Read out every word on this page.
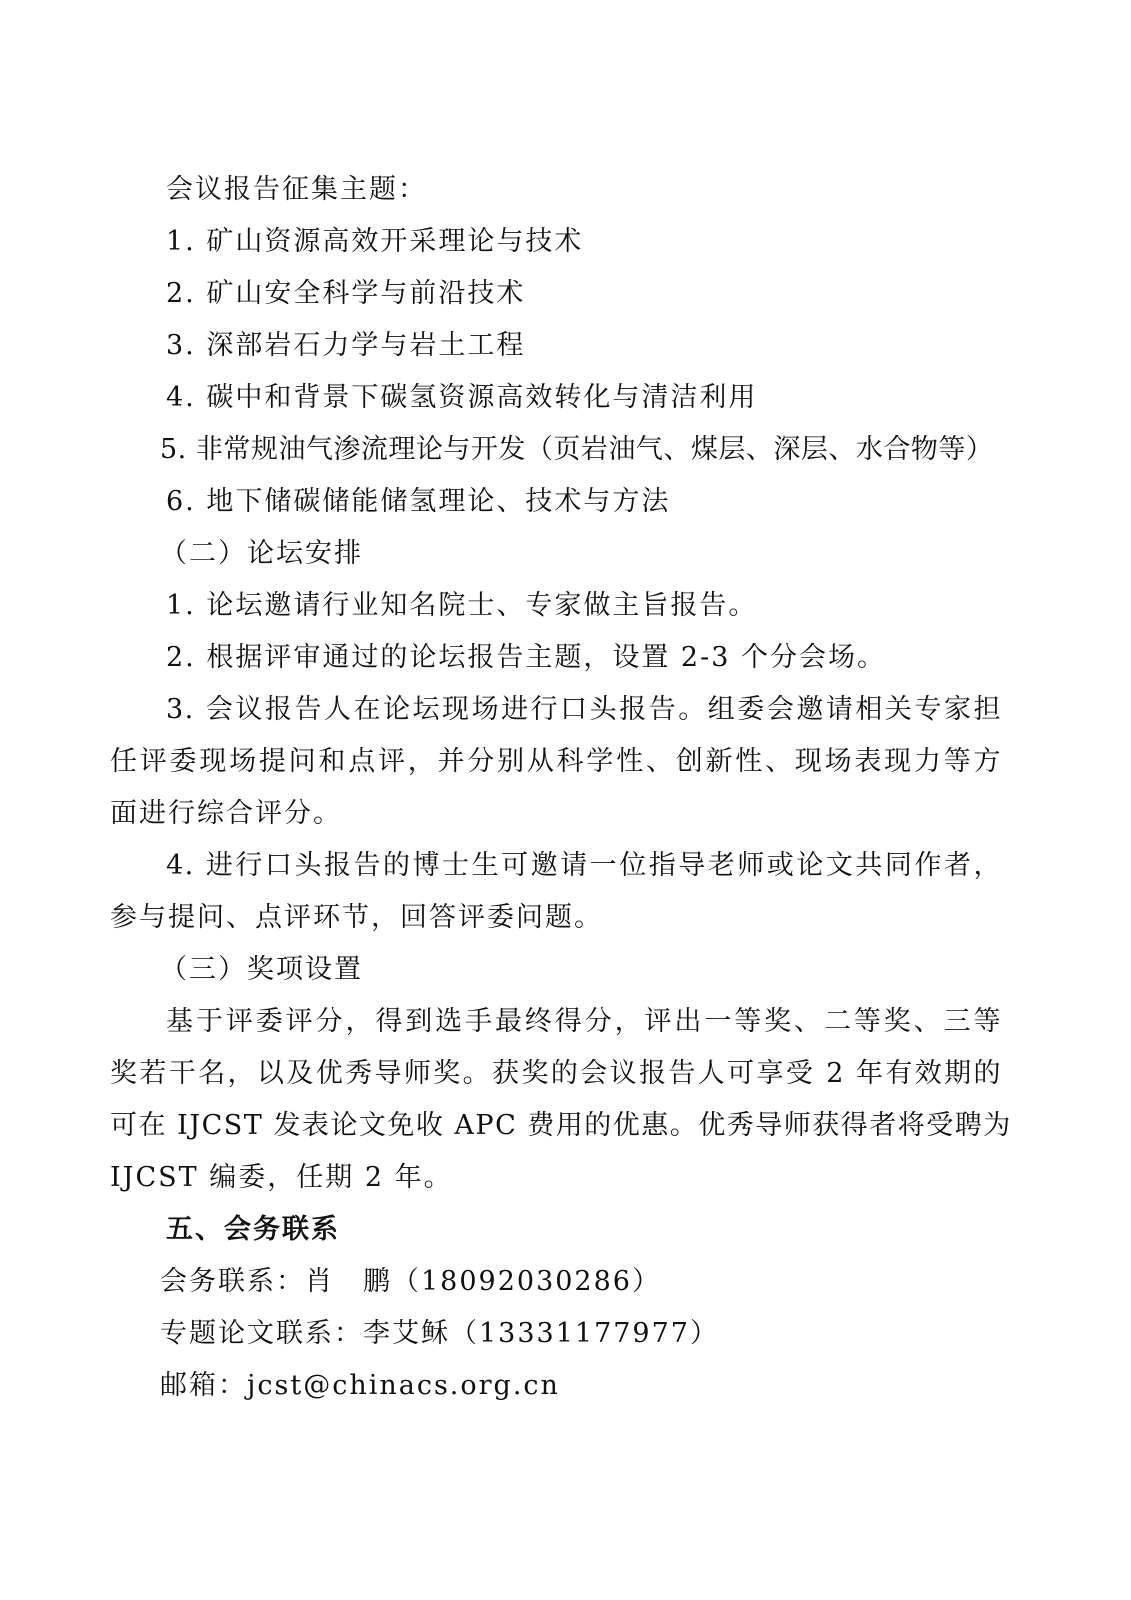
会议报告征集主题：
1. 矿山资源高效开采理论与技术
2. 矿山安全科学与前沿技术
3. 深部岩石力学与岩土工程
4. 碳中和背景下碳氢资源高效转化与清洁利用
5. 非常规油气渗流理论与开发（页岩油气、煤层、深层、水合物等）
6. 地下储碳储能储氢理论、技术与方法
（二）论坛安排
1. 论坛邀请行业知名院士、专家做主旨报告。
2. 根据评审通过的论坛报告主题，设置 2-3 个分会场。
3. 会议报告人在论坛现场进行口头报告。组委会邀请相关专家担
任评委现场提问和点评，并分别从科学性、创新性、现场表现力等方
面进行综合评分。
4. 进行口头报告的博士生可邀请一位指导老师或论文共同作者，
参与提问、点评环节，回答评委问题。
（三）奖项设置
基于评委评分，得到选手最终得分，评出一等奖、二等奖、三等
奖若干名，以及优秀导师奖。获奖的会议报告人可享受 2 年有效期的
可在 IJCST 发表论文免收 APC 费用的优惠。优秀导师获得者将受聘为
IJCST 编委，任期 2 年。
五、会务联系
会务联系：肖　鹏（18092030286）
专题论文联系：李艾稣（13331177977）
邮箱：jcst@chinacs.org.cn
